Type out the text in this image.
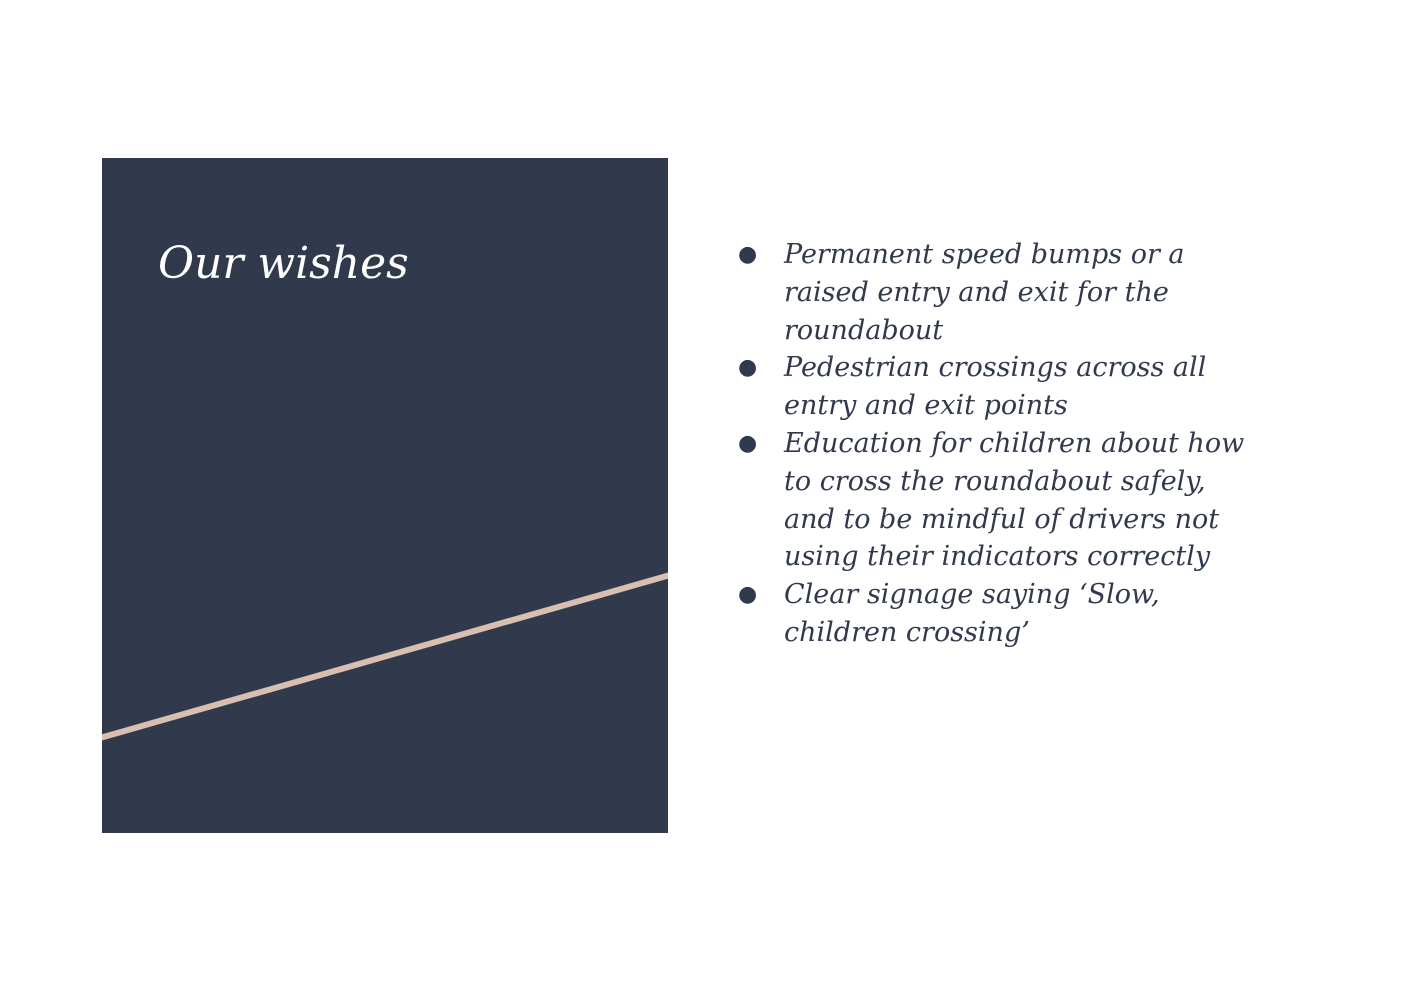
Our wishes	● Permanent speed bumps or a raised entry and exit for the roundabout
● Pedestrian crossings across all entry and exit points
● Education for children about how to cross the roundabout safely, and to be mindful of drivers not using their indicators correctly
● Clear signage saying ‘Slow, children crossing’
